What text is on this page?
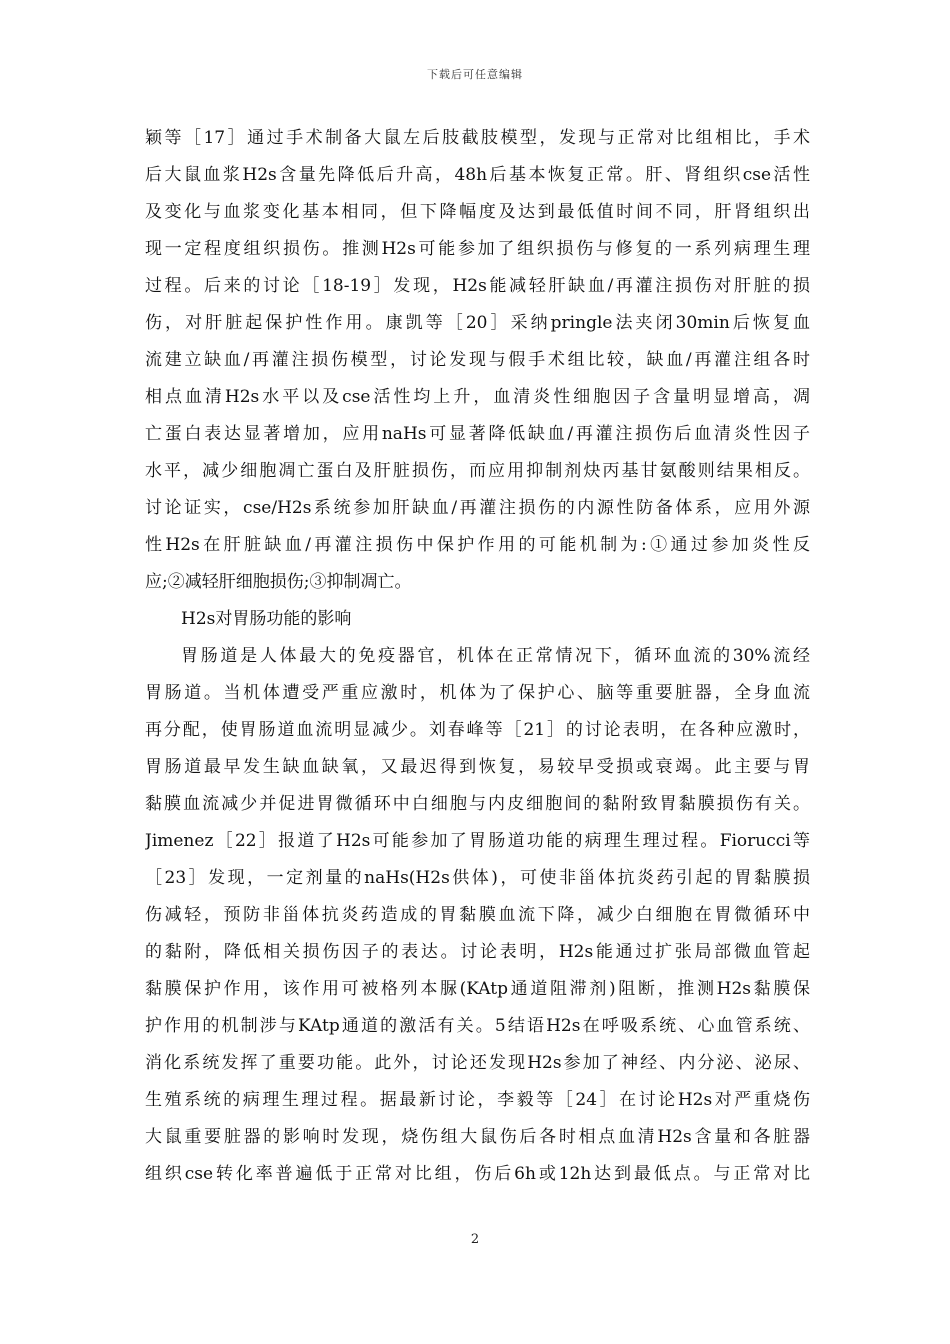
下载后可任意编辑
颖等［17］通过手术制备大鼠左后肢截肢模型，发现与正常对比组相比，手术
后大鼠血浆H2s含量先降低后升高，48h后基本恢复正常。肝、肾组织cse活性
及变化与血浆变化基本相同，但下降幅度及达到最低值时间不同，肝肾组织出
现一定程度组织损伤。推测H2s可能参加了组织损伤与修复的一系列病理生理
过程。后来的讨论［18-19］发现，H2s能减轻肝缺血/再灌注损伤对肝脏的损
伤，对肝脏起保护性作用。康凯等［20］采纳pringle法夹闭30min后恢复血
流建立缺血/再灌注损伤模型，讨论发现与假手术组比较，缺血/再灌注组各时
相点血清H2s水平以及cse活性均上升，血清炎性细胞因子含量明显增高，凋
亡蛋白表达显著增加，应用naHs可显著降低缺血/再灌注损伤后血清炎性因子
水平，减少细胞凋亡蛋白及肝脏损伤，而应用抑制剂炔丙基甘氨酸则结果相反。
讨论证实，cse/H2s系统参加肝缺血/再灌注损伤的内源性防备体系，应用外源
性H2s在肝脏缺血/再灌注损伤中保护作用的可能机制为:①通过参加炎性反
应;②减轻肝细胞损伤;③抑制凋亡。
H2s对胃肠功能的影响
胃肠道是人体最大的免疫器官，机体在正常情况下，循环血流的30%流经
胃肠道。当机体遭受严重应激时，机体为了保护心、脑等重要脏器，全身血流
再分配，使胃肠道血流明显减少。刘春峰等［21］的讨论表明，在各种应激时，
胃肠道最早发生缺血缺氧，又最迟得到恢复，易较早受损或衰竭。此主要与胃
黏膜血流减少并促进胃微循环中白细胞与内皮细胞间的黏附致胃黏膜损伤有关。
Jimenez［22］报道了H2s可能参加了胃肠道功能的病理生理过程。Fiorucci等
［23］发现，一定剂量的naHs(H2s供体)，可使非甾体抗炎药引起的胃黏膜损
伤减轻，预防非甾体抗炎药造成的胃黏膜血流下降，减少白细胞在胃微循环中
的黏附，降低相关损伤因子的表达。讨论表明，H2s能通过扩张局部微血管起
黏膜保护作用，该作用可被格列本脲(KAtp通道阻滞剂)阻断，推测H2s黏膜保
护作用的机制涉与KAtp通道的激活有关。5结语H2s在呼吸系统、心血管系统、
消化系统发挥了重要功能。此外，讨论还发现H2s参加了神经、内分泌、泌尿、
生殖系统的病理生理过程。据最新讨论，李毅等［24］在讨论H2s对严重烧伤
大鼠重要脏器的影响时发现，烧伤组大鼠伤后各时相点血清H2s含量和各脏器
组织cse转化率普遍低于正常对比组，伤后6h或12h达到最低点。与正常对比
2
